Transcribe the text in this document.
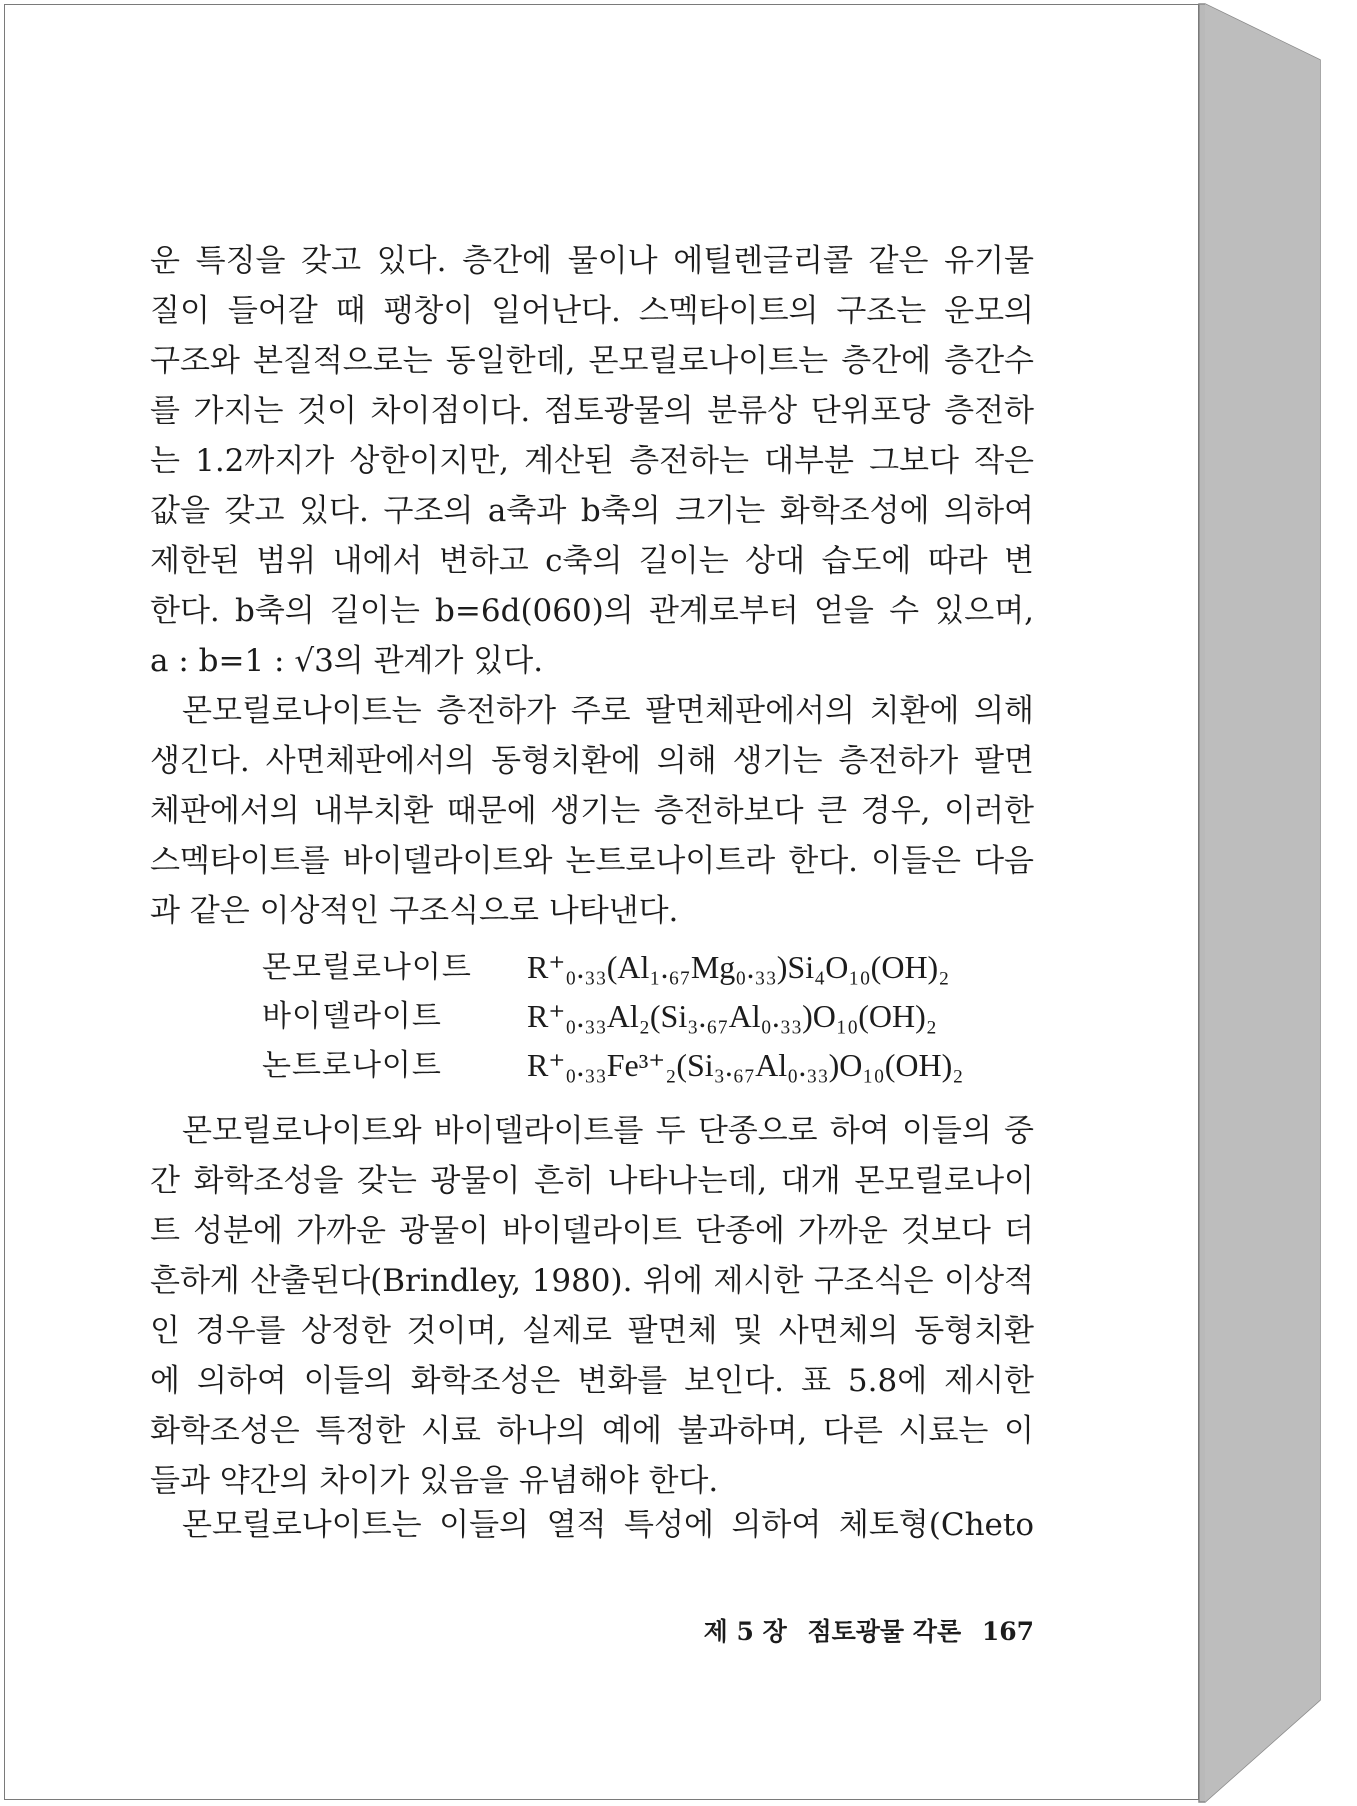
운 특징을 갖고 있다. 층간에 물이나 에틸렌글리콜 같은 유기물
질이 들어갈 때 팽창이 일어난다. 스멕타이트의 구조는 운모의
구조와 본질적으로는 동일한데, 몬모릴로나이트는 층간에 층간수
를 가지는 것이 차이점이다. 점토광물의 분류상 단위포당 층전하
는 1.2까지가 상한이지만, 계산된 층전하는 대부분 그보다 작은
값을 갖고 있다. 구조의 a축과 b축의 크기는 화학조성에 의하여
제한된 범위 내에서 변하고 c축의 길이는 상대 습도에 따라 변
한다. b축의 길이는 b=6d(060)의 관계로부터 얻을 수 있으며,
a : b=1 : √3의 관계가 있다.
몬모릴로나이트는 층전하가 주로 팔면체판에서의 치환에 의해
생긴다. 사면체판에서의 동형치환에 의해 생기는 층전하가 팔면
체판에서의 내부치환 때문에 생기는 층전하보다 큰 경우, 이러한
스멕타이트를 바이델라이트와 논트로나이트라 한다. 이들은 다음
과 같은 이상적인 구조식으로 나타낸다.
몬모릴로나이트	R⁺₀.₃₃(Al₁.₆₇Mg₀.₃₃)Si₄O₁₀(OH)₂
바이델라이트	R⁺₀.₃₃Al₂(Si₃.₆₇Al₀.₃₃)O₁₀(OH)₂
논트로나이트	R⁺₀.₃₃Fe³⁺₂(Si₃.₆₇Al₀.₃₃)O₁₀(OH)₂
몬모릴로나이트와 바이델라이트를 두 단종으로 하여 이들의 중
간 화학조성을 갖는 광물이 흔히 나타나는데, 대개 몬모릴로나이
트 성분에 가까운 광물이 바이델라이트 단종에 가까운 것보다 더
흔하게 산출된다(Brindley, 1980). 위에 제시한 구조식은 이상적
인 경우를 상정한 것이며, 실제로 팔면체 및 사면체의 동형치환
에 의하여 이들의 화학조성은 변화를 보인다. 표 5.8에 제시한
화학조성은 특정한 시료 하나의 예에 불과하며, 다른 시료는 이
들과 약간의 차이가 있음을 유념해야 한다.
몬모릴로나이트는 이들의 열적 특성에 의하여 체토형(Cheto
제 5 장 점토광물 각론 167
